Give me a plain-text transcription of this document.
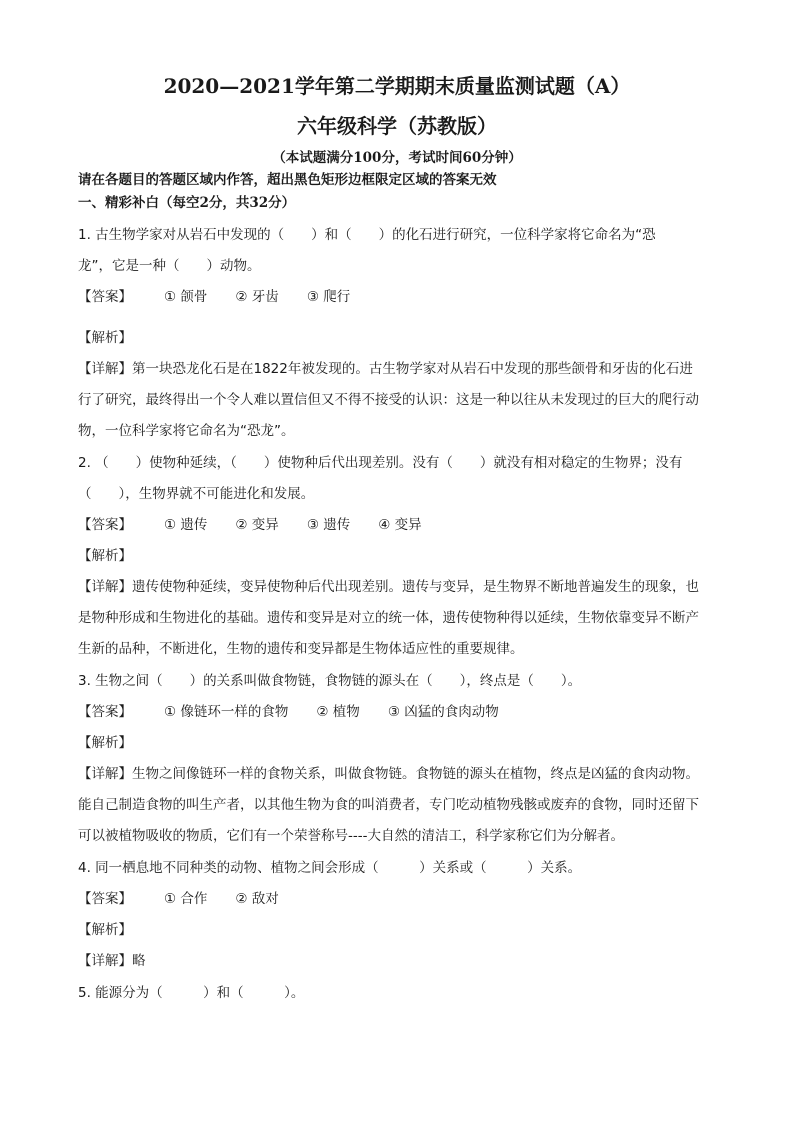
2020—2021学年第二学期期末质量监测试题（A）
六年级科学（苏教版）
（本试题满分100分，考试时间60分钟）
请在各题目的答题区域内作答，超出黑色矩形边框限定区域的答案无效
一、精彩补白（每空2分，共32分）
1. 古生物学家对从岩石中发现的（　　）和（　　）的化石进行研究，一位科学家将它命名为“恐
龙”，它是一种（　　）动物。
【答案】 ① 颌骨 ② 牙齿 ③ 爬行
【解析】
【详解】第一块恐龙化石是在1822年被发现的。古生物学家对从岩石中发现的那些颌骨和牙齿的化石进
行了研究，最终得出一个令人难以置信但又不得不接受的认识：这是一种以往从未发现过的巨大的爬行动
物，一位科学家将它命名为“恐龙”。
2. （　　）使物种延续，（　　）使物种后代出现差别。没有（　　）就没有相对稳定的生物界；没有
（　　），生物界就不可能进化和发展。
【答案】 ① 遗传 ② 变异 ③ 遗传 ④ 变异
【解析】
【详解】遗传使物种延续，变异使物种后代出现差别。遗传与变异，是生物界不断地普遍发生的现象，也
是物种形成和生物进化的基础。遗传和变异是对立的统一体，遗传使物种得以延续，生物依靠变异不断产
生新的品种，不断进化，生物的遗传和变异都是生物体适应性的重要规律。
3. 生物之间（　　）的关系叫做食物链，食物链的源头在（　　），终点是（　　）。
【答案】 ① 像链环一样的食物 ② 植物 ③ 凶猛的食肉动物
【解析】
【详解】生物之间像链环一样的食物关系，叫做食物链。食物链的源头在植物，终点是凶猛的食肉动物。
能自己制造食物的叫生产者，以其他生物为食的叫消费者，专门吃动植物残骸或废弃的食物，同时还留下
可以被植物吸收的物质，它们有一个荣誉称号----大自然的清洁工，科学家称它们为分解者。
4. 同一栖息地不同种类的动物、植物之间会形成（　　　）关系或（　　　）关系。
【答案】 ① 合作 ② 敌对
【解析】
【详解】略
5. 能源分为（　　　）和（　　　）。
